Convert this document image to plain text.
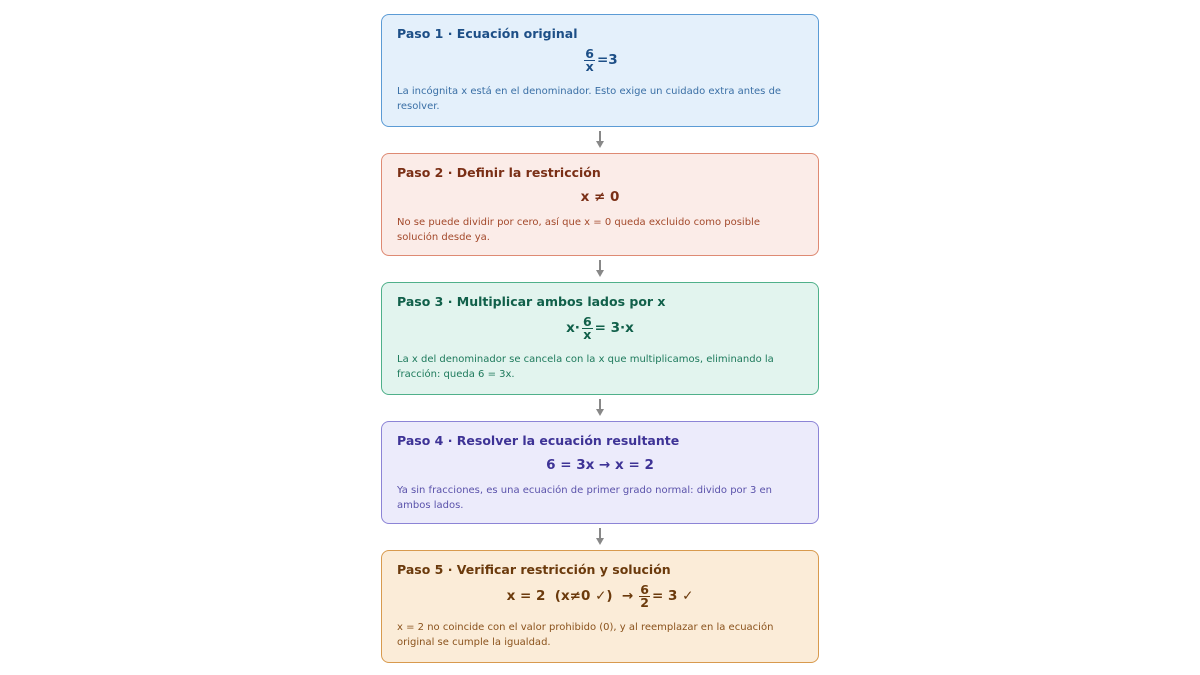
Paso 1 · Ecuación original
$\frac{6}{x} =3$
La incógnita x está en el denominador. Esto exige un cuidado extra antes de resolver.
Paso 2 · Definir la restricción
x ≠ 0
No se puede dividir por cero, así que x = 0 queda excluido como posible solución desde ya.
Paso 3 · Multiplicar ambos lados por x
$x\cdot \frac{6}{x} = 3\cdot x$
La x del denominador se cancela con la x que multiplicamos, eliminando la fracción: queda 6 = 3x.
Paso 4 · Resolver la ecuación resultante
6 = 3x → x = 2
Ya sin fracciones, es una ecuación de primer grado normal: divido por 3 en ambos lados.
Paso 5 · Verificar restricción y solución
x = 2  (x≠0 ✓)  → $\frac{6}{2} = 3$ ✓
x = 2 no coincide con el valor prohibido (0), y al reemplazar en la ecuación original se cumple la igualdad.
